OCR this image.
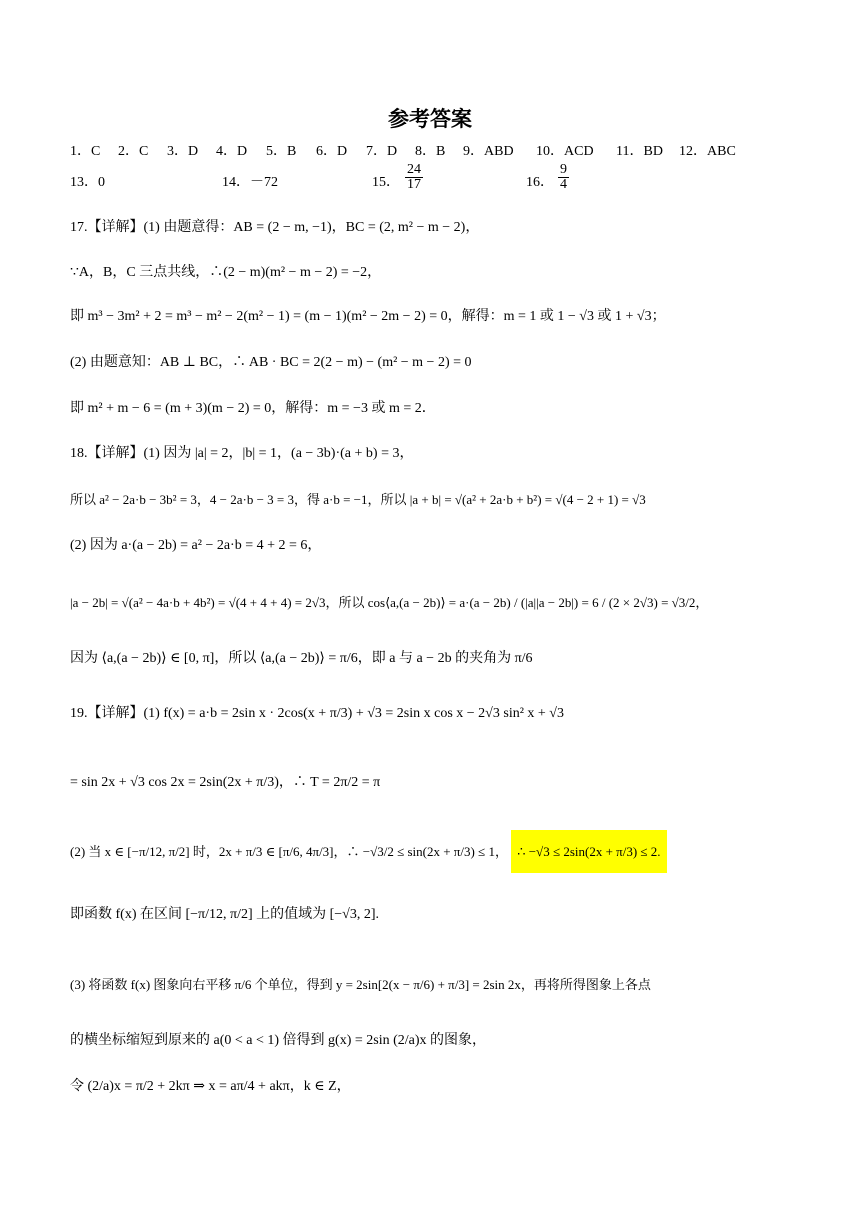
参考答案
1．C 2．C 3．D 4．D 5．B 6．D 7．D 8．B 9．ABD 10．ACD 11．BD 12．ABC
13．0	14．－72	15． $\frac{24}{17}$	16． $\frac{9}{4}$
17.【详解】(1) 由题意得：AB = (2 − m, −1)，BC = (2, m² − m − 2)，
∵A，B，C 三点共线，∴(2 − m)(m² − m − 2) = −2，
即 m³ − 3m² + 2 = m³ − m² − 2(m² − 1) = (m − 1)(m² − 2m − 2) = 0，解得：m = 1 或 1 − √3 或 1 + √3；
(2) 由题意知：AB ⊥ BC，∴ AB · BC = 2(2 − m) − (m² − m − 2) = 0
即 m² + m − 6 = (m + 3)(m − 2) = 0，解得：m = −3 或 m = 2．
18.【详解】(1) 因为 |a| = 2，|b| = 1，(a − 3b)·(a + b) = 3，
所以 a² − 2a·b − 3b² = 3，4 − 2a·b − 3 = 3，得 a·b = −1，所以 |a + b| = √(a² + 2a·b + b²) = √(4 − 2 + 1) = √3
(2) 因为 a·(a − 2b) = a² − 2a·b = 4 + 2 = 6，
|a − 2b| = √(a² − 4a·b + 4b²) = √(4 + 4 + 4) = 2√3，所以 cos⟨a,(a − 2b)⟩ = a·(a − 2b) / (|a||a − 2b|) = 6 / (2 × 2√3) = √3/2，
因为 ⟨a,(a − 2b)⟩ ∈ [0, π]，所以 ⟨a,(a − 2b)⟩ = π/6，即 a 与 a − 2b 的夹角为 π/6
19.【详解】(1) f(x) = a·b = 2sin x · 2cos(x + π/3) + √3 = 2sin x cos x − 2√3 sin² x + √3
= sin 2x + √3 cos 2x = 2sin(2x + π/3)，∴ T = 2π/2 = π
(2) 当 x ∈ [−π/12, π/2] 时，2x + π/3 ∈ [π/6, 4π/3]，∴ −√3/2 ≤ sin(2x + π/3) ≤ 1， ∴ −√3 ≤ 2sin(2x + π/3) ≤ 2.
即函数 f(x) 在区间 [−π/12, π/2] 上的值域为 [−√3, 2].
(3) 将函数 f(x) 图象向右平移 π/6 个单位，得到 y = 2sin[2(x − π/6) + π/3] = 2sin 2x，再将所得图象上各点
的横坐标缩短到原来的 a(0 < a < 1) 倍得到 g(x) = 2sin (2/a)x 的图象，
令 (2/a)x = π/2 + 2kπ ⇒ x = aπ/4 + akπ，k ∈ Z，
